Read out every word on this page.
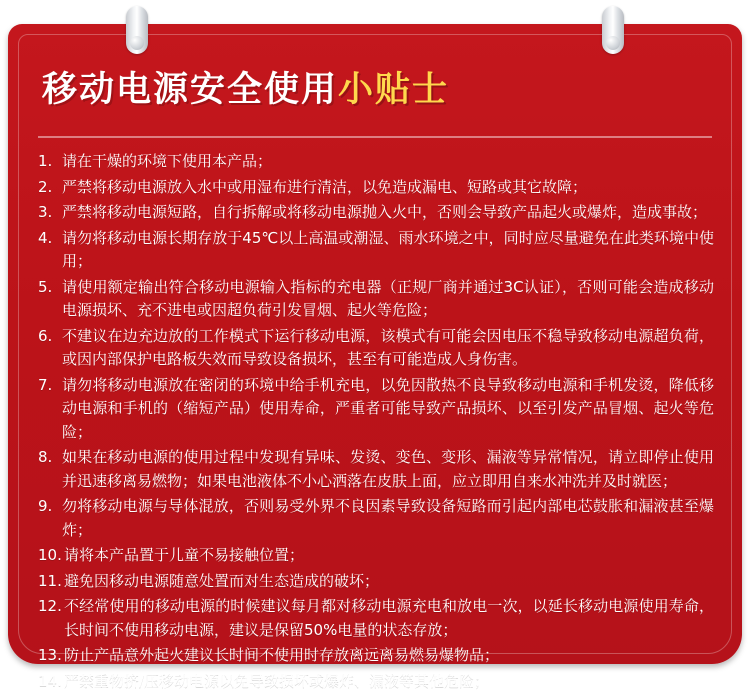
移动电源安全使用小贴士
1. 请在干燥的环境下使用本产品；
2. 严禁将移动电源放入水中或用湿布进行清洁，以免造成漏电、短路或其它故障；
3. 严禁将移动电源短路，自行拆解或将移动电源抛入火中，否则会导致产品起火或爆炸，造成事故；
4. 请勿将移动电源长期存放于45℃以上高温或潮湿、雨水环境之中，同时应尽量避免在此类环境中使用；
5. 请使用额定输出符合移动电源输入指标的充电器（正规厂商并通过3C认证），否则可能会造成移动电源损坏、充不进电或因超负荷引发冒烟、起火等危险；
6. 不建议在边充边放的工作模式下运行移动电源，该模式有可能会因电压不稳导致移动电源超负荷，或因内部保护电路板失效而导致设备损坏，甚至有可能造成人身伤害。
7. 请勿将移动电源放在密闭的环境中给手机充电，以免因散热不良导致移动电源和手机发烫，降低移动电源和手机的（缩短产品）使用寿命，严重者可能导致产品损坏、以至引发产品冒烟、起火等危险；
8. 如果在移动电源的使用过程中发现有异味、发烫、变色、变形、漏液等异常情况，请立即停止使用并迅速移离易燃物；如果电池液体不小心洒落在皮肤上面，应立即用自来水冲洗并及时就医；
9. 勿将移动电源与导体混放，否则易受外界不良因素导致设备短路而引起内部电芯鼓胀和漏液甚至爆炸；
10. 请将本产品置于儿童不易接触位置；
11. 避免因移动电源随意处置而对生态造成的破坏；
12. 不经常使用的移动电源的时候建议每月都对移动电源充电和放电一次，以延长移动电源使用寿命，长时间不使用移动电源，建议是保留50%电量的状态存放；
13. 防止产品意外起火建议长时间不使用时存放离远离易燃易爆物品；
14. 严禁重物挤/压移动电源以免导致损坏或爆炸、漏液等其他危险；
